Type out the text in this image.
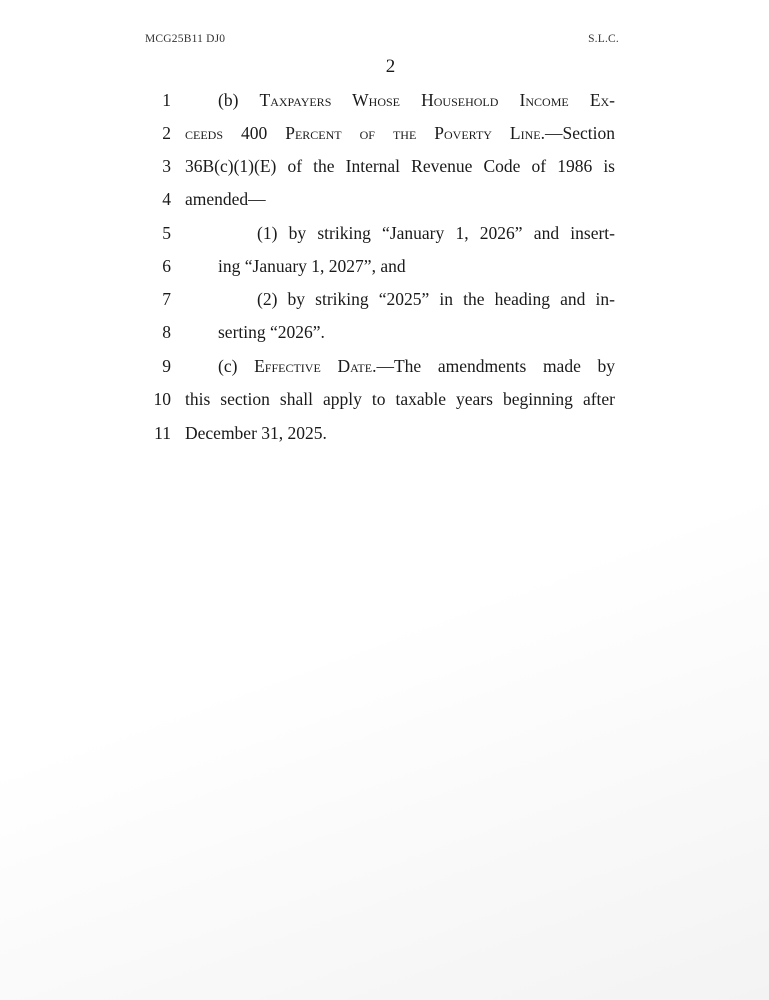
MCG25B11 DJ0	S.L.C.
2
1	(b) Taxpayers Whose Household Income Ex-
2 ceeds 400 Percent of the Poverty Line.—Section
3 36B(c)(1)(E) of the Internal Revenue Code of 1986 is
4 amended—
5	(1) by striking “January 1, 2026” and insert-
6	ing “January 1, 2027”, and
7	(2) by striking “2025” in the heading and in-
8	serting “2026”.
9	(c) Effective Date.—The amendments made by
10 this section shall apply to taxable years beginning after
11 December 31, 2025.
